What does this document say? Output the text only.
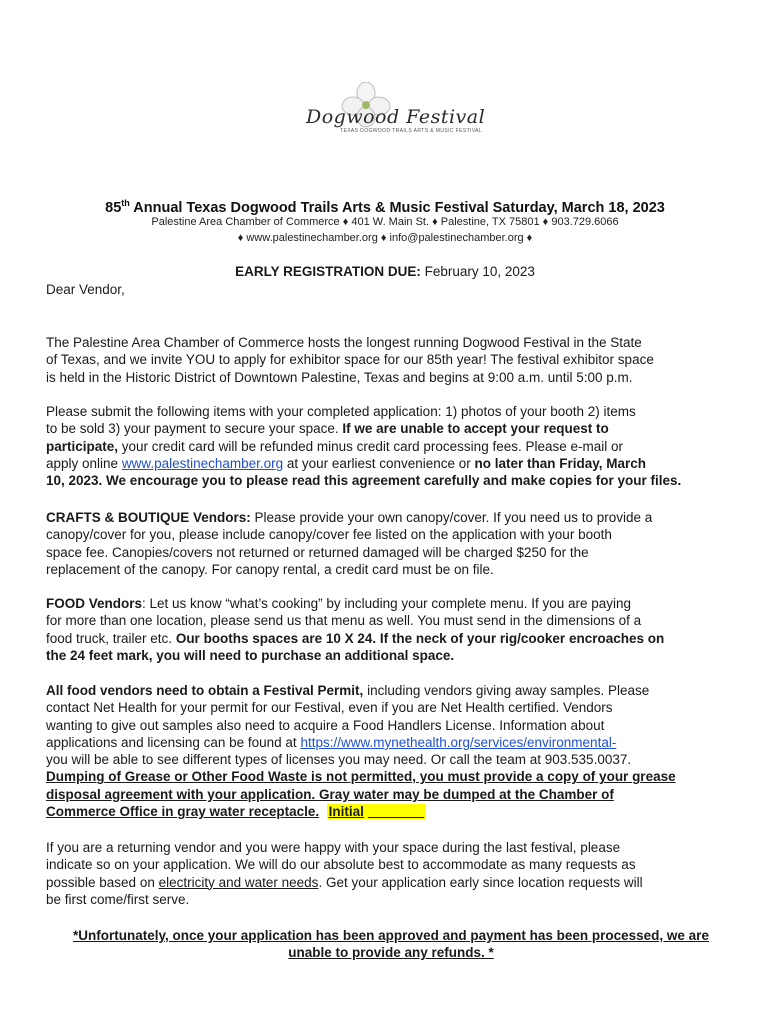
Dogwood Festival
TEXAS DOGWOOD TRAILS ARTS & MUSIC FESTIVAL
85th Annual Texas Dogwood Trails Arts & Music Festival Saturday, March 18, 2023
Palestine Area Chamber of Commerce ♦ 401 W. Main St. ♦ Palestine, TX 75801 ♦ 903.729.6066
♦ www.palestinechamber.org ♦ info@palestinechamber.org ♦
EARLY REGISTRATION DUE: February 10, 2023
Dear Vendor,
The Palestine Area Chamber of Commerce hosts the longest running Dogwood Festival in the State
of Texas, and we invite YOU to apply for exhibitor space for our 85th year! The festival exhibitor space
is held in the Historic District of Downtown Palestine, Texas and begins at 9:00 a.m. until 5:00 p.m.
Please submit the following items with your completed application: 1) photos of your booth 2) items
to be sold 3) your payment to secure your space. If we are unable to accept your request to
participate, your credit card will be refunded minus credit card processing fees. Please e-mail or
apply online www.palestinechamber.org at your earliest convenience or no later than Friday, March
10, 2023. We encourage you to please read this agreement carefully and make copies for your files.
CRAFTS & BOUTIQUE Vendors: Please provide your own canopy/cover. If you need us to provide a
canopy/cover for you, please include canopy/cover fee listed on the application with your booth
space fee. Canopies/covers not returned or returned damaged will be charged $250 for the
replacement of the canopy. For canopy rental, a credit card must be on file.
FOOD Vendors: Let us know “what’s cooking” by including your complete menu. If you are paying
for more than one location, please send us that menu as well. You must send in the dimensions of a
food truck, trailer etc. Our booths spaces are 10 X 24. If the neck of your rig/cooker encroaches on
the 24 feet mark, you will need to purchase an additional space.
All food vendors need to obtain a Festival Permit, including vendors giving away samples. Please
contact Net Health for your permit for our Festival, even if you are Net Health certified. Vendors
wanting to give out samples also need to acquire a Food Handlers License. Information about
applications and licensing can be found at https://www.mynethealth.org/services/environmental-
you will be able to see different types of licenses you may need. Or call the team at 903.535.0037.
Dumping of Grease or Other Food Waste is not permitted, you must provide a copy of your grease
disposal agreement with your application. Gray water may be dumped at the Chamber of
Commerce Office in gray water receptacle. Initial
If you are a returning vendor and you were happy with your space during the last festival, please
indicate so on your application. We will do our absolute best to accommodate as many requests as
possible based on electricity and water needs. Get your application early since location requests will
be first come/first serve.
*Unfortunately, once your application has been approved and payment has been processed, we are
unable to provide any refunds. *
